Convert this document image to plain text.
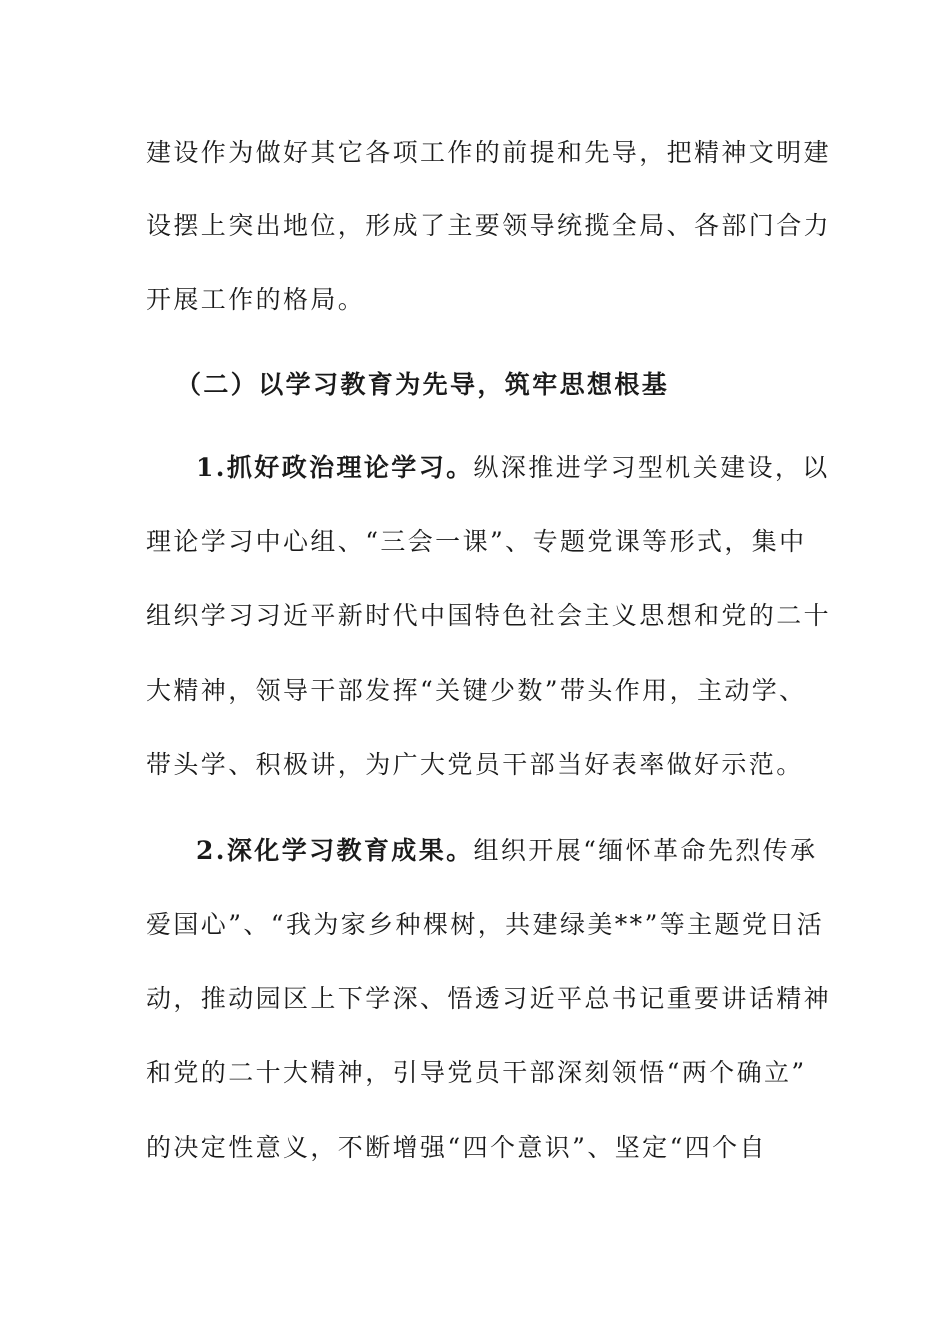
建设作为做好其它各项工作的前提和先导，把精神文明建
设摆上突出地位，形成了主要领导统揽全局、各部门合力
开展工作的格局。
（二）以学习教育为先导，筑牢思想根基
1.抓好政治理论学习。纵深推进学习型机关建设，以
理论学习中心组、“三会一课”、专题党课等形式，集中
组织学习习近平新时代中国特色社会主义思想和党的二十
大精神，领导干部发挥“关键少数”带头作用，主动学、
带头学、积极讲，为广大党员干部当好表率做好示范。
2.深化学习教育成果。组织开展“缅怀革命先烈传承
爱国心”、“我为家乡种棵树，共建绿美**”等主题党日活
动，推动园区上下学深、悟透习近平总书记重要讲话精神
和党的二十大精神，引导党员干部深刻领悟“两个确立”
的决定性意义，不断增强“四个意识”、坚定“四个自
